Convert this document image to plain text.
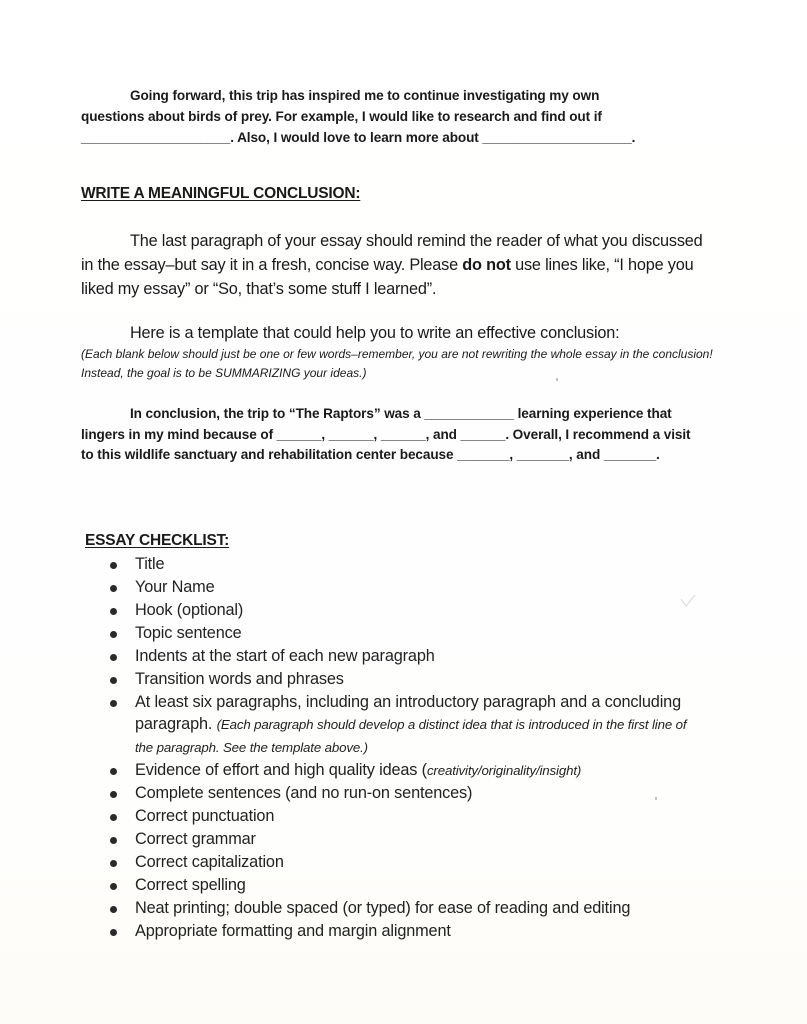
Going forward, this trip has inspired me to continue investigating my own
questions about birds of prey. For example, I would like to research and find out if
____________________. Also, I would love to learn more about ____________________.
WRITE A MEANINGFUL CONCLUSION:
The last paragraph of your essay should remind the reader of what you discussed in the essay–but say it in a fresh, concise way. Please do not use lines like, “I hope you liked my essay” or “So, that’s some stuff I learned”.
Here is a template that could help you to write an effective conclusion:
(Each blank below should just be one or few words–remember, you are not rewriting the whole essay in the conclusion! Instead, the goal is to be SUMMARIZING your ideas.)
In conclusion, the trip to “The Raptors” was a ____________ learning experience that lingers in my mind because of ______, ______, ______, and ______. Overall, I recommend a visit to this wildlife sanctuary and rehabilitation center because _______, _______, and _______.
ESSAY CHECKLIST:
Title
Your Name
Hook (optional)
Topic sentence
Indents at the start of each new paragraph
Transition words and phrases
At least six paragraphs, including an introductory paragraph and a concluding paragraph. (Each paragraph should develop a distinct idea that is introduced in the first line of the paragraph. See the template above.)
Evidence of effort and high quality ideas (creativity/originality/insight)
Complete sentences (and no run-on sentences)
Correct punctuation
Correct grammar
Correct capitalization
Correct spelling
Neat printing; double spaced (or typed) for ease of reading and editing
Appropriate formatting and margin alignment
